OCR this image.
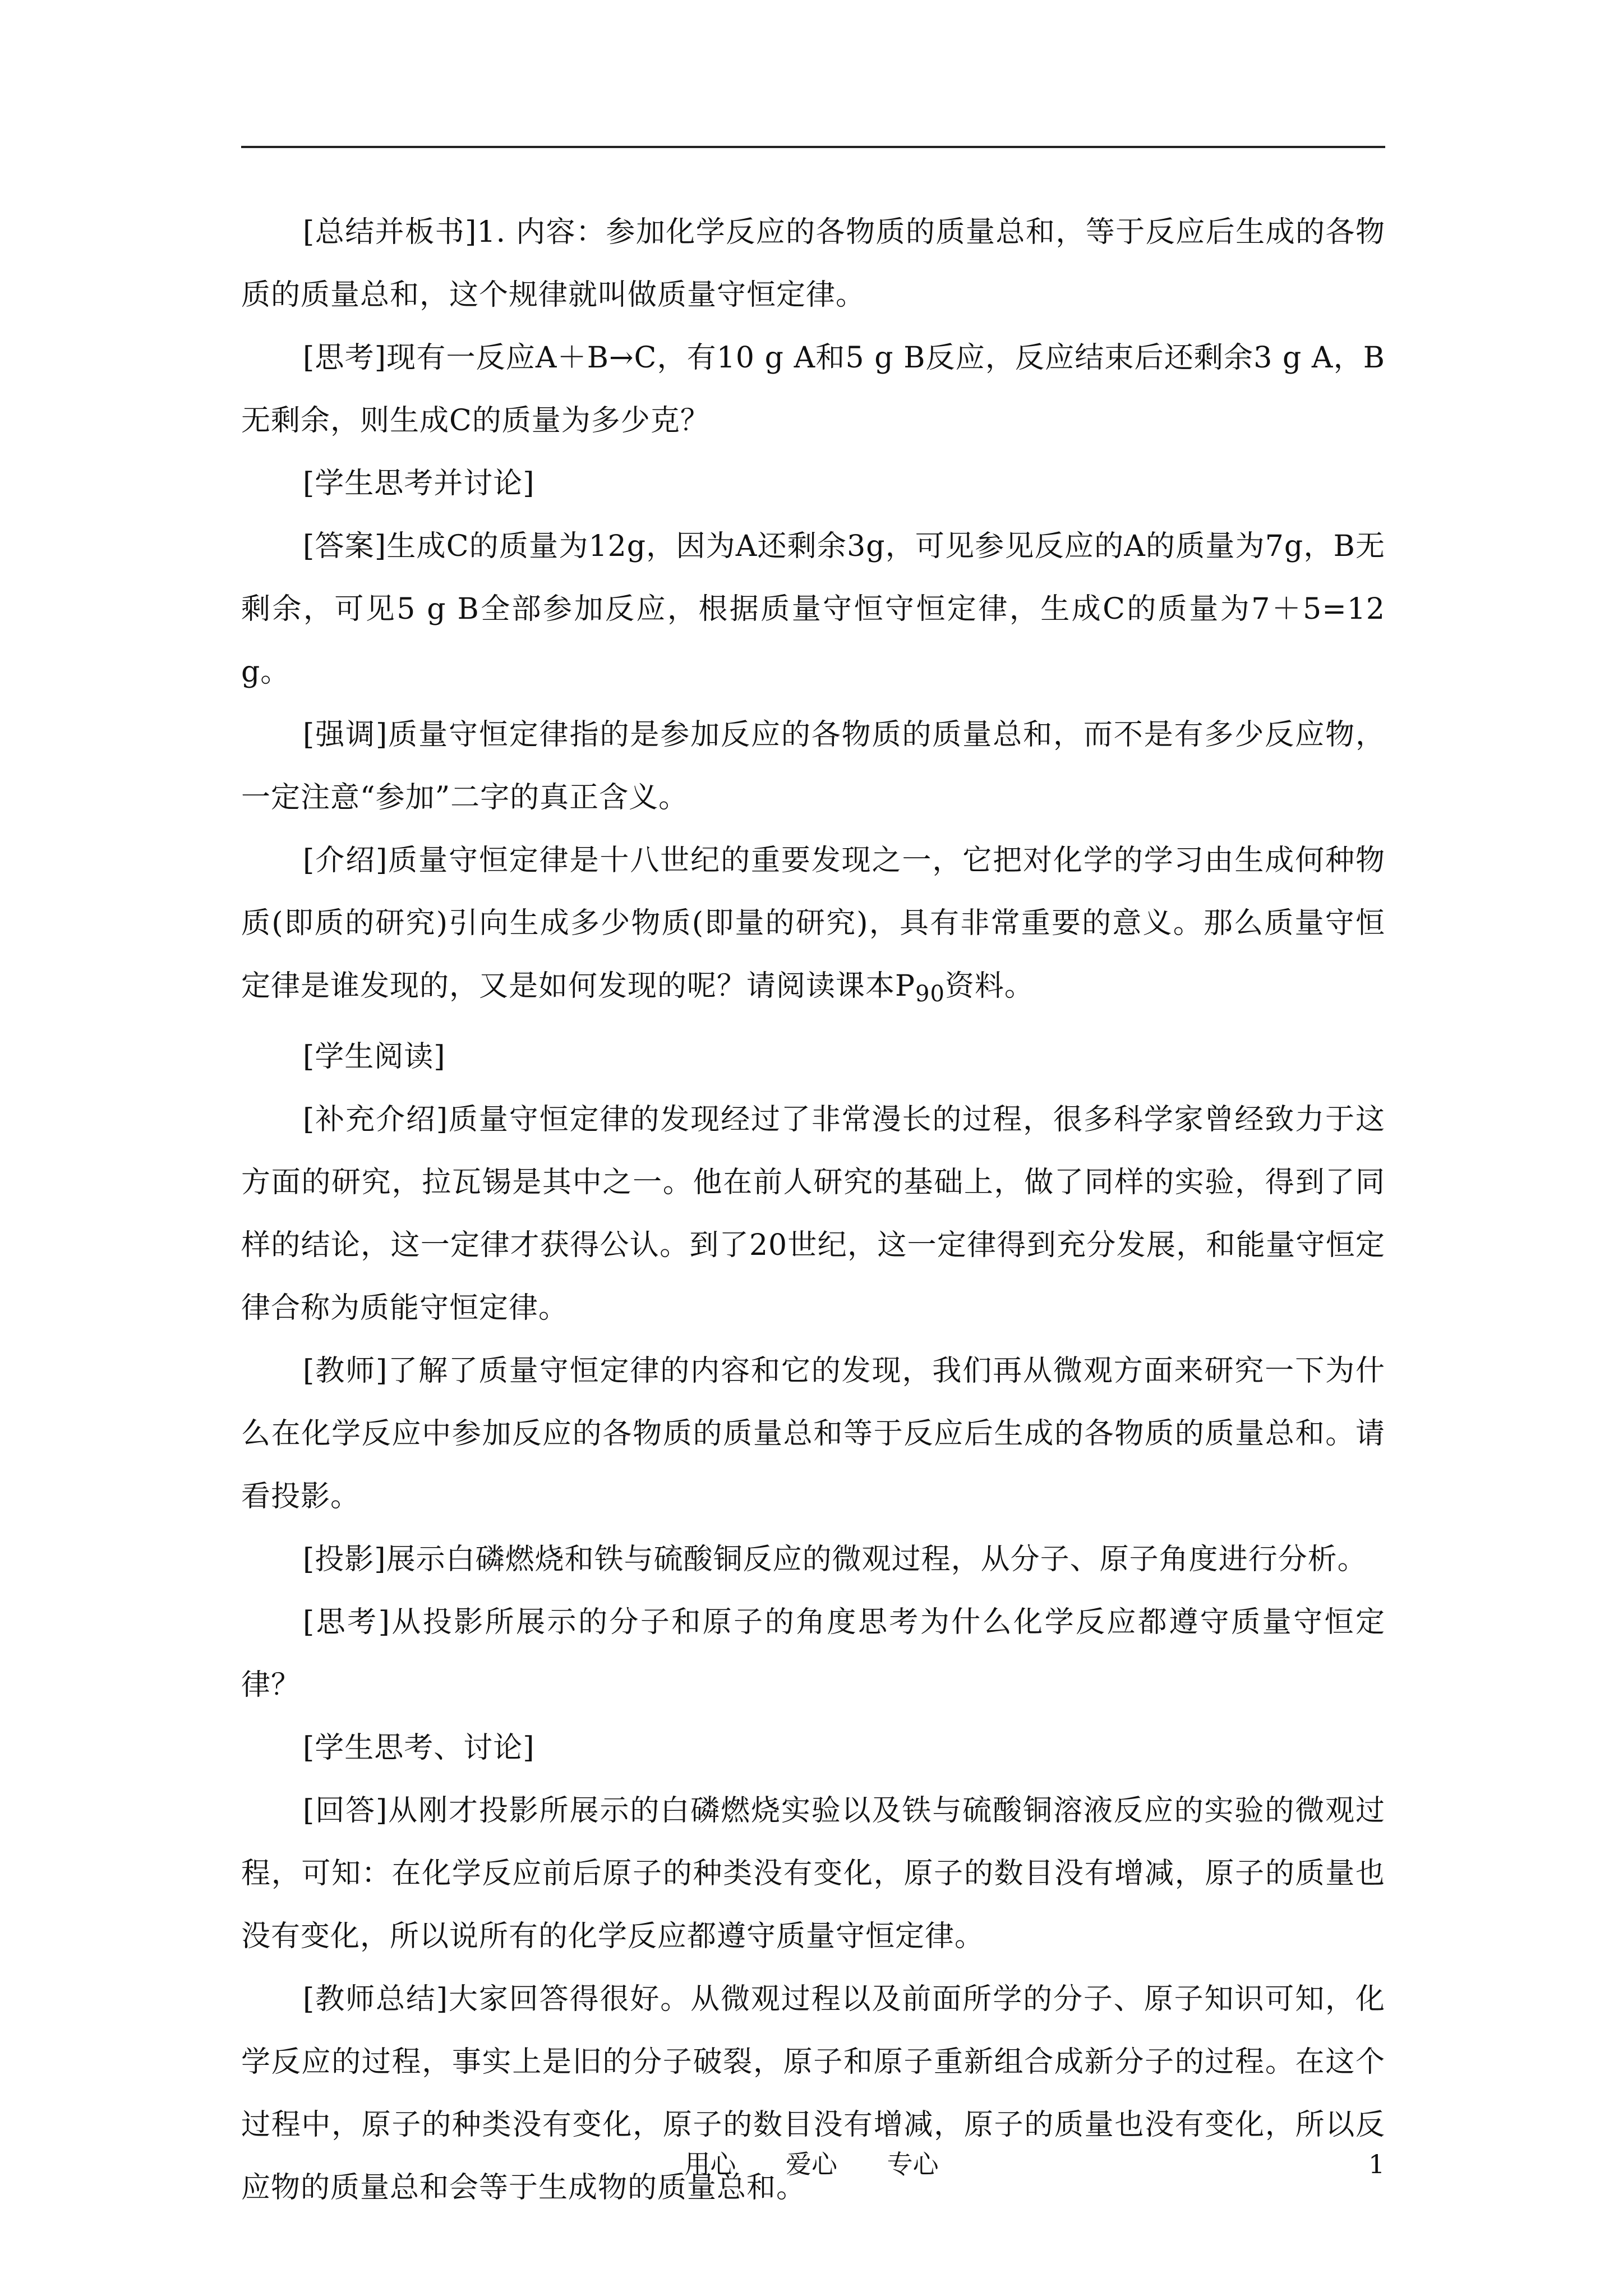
[总结并板书]1. 内容：参加化学反应的各物质的质量总和，等于反应后生成的各物质的质量总和，这个规律就叫做质量守恒定律。

[思考]现有一反应A＋B→C，有10 g A和5 g B反应，反应结束后还剩余3 g A，B无剩余，则生成C的质量为多少克？

[学生思考并讨论]

[答案]生成C的质量为12g，因为A还剩余3g，可见参见反应的A的质量为7g，B无剩余，可见5 g B全部参加反应，根据质量守恒守恒定律，生成C的质量为7＋5=12 g。

[强调]质量守恒定律指的是参加反应的各物质的质量总和，而不是有多少反应物，一定注意“参加”二字的真正含义。

[介绍]质量守恒定律是十八世纪的重要发现之一，它把对化学的学习由生成何种物质(即质的研究)引向生成多少物质(即量的研究)，具有非常重要的意义。那么质量守恒定律是谁发现的，又是如何发现的呢？请阅读课本$P_{90}$资料。

[学生阅读]

[补充介绍]质量守恒定律的发现经过了非常漫长的过程，很多科学家曾经致力于这方面的研究，拉瓦锡是其中之一。他在前人研究的基础上，做了同样的实验，得到了同样的结论，这一定律才获得公认。到了20世纪，这一定律得到充分发展，和能量守恒定律合称为质能守恒定律。

[教师]了解了质量守恒定律的内容和它的发现，我们再从微观方面来研究一下为什么在化学反应中参加反应的各物质的质量总和等于反应后生成的各物质的质量总和。请看投影。

[投影]展示白磷燃烧和铁与硫酸铜反应的微观过程，从分子、原子角度进行分析。

[思考]从投影所展示的分子和原子的角度思考为什么化学反应都遵守质量守恒定律？

[学生思考、讨论]

[回答]从刚才投影所展示的白磷燃烧实验以及铁与硫酸铜溶液反应的实验的微观过程，可知：在化学反应前后原子的种类没有变化，原子的数目没有增减，原子的质量也没有变化，所以说所有的化学反应都遵守质量守恒定律。

[教师总结]大家回答得很好。从微观过程以及前面所学的分子、原子知识可知，化学反应的过程，事实上是旧的分子破裂，原子和原子重新组合成新分子的过程。在这个过程中，原子的种类没有变化，原子的数目没有增减，原子的质量也没有变化，所以反应物的质量总和会等于生成物的质量总和。

用心　 爱心　 专心	1
